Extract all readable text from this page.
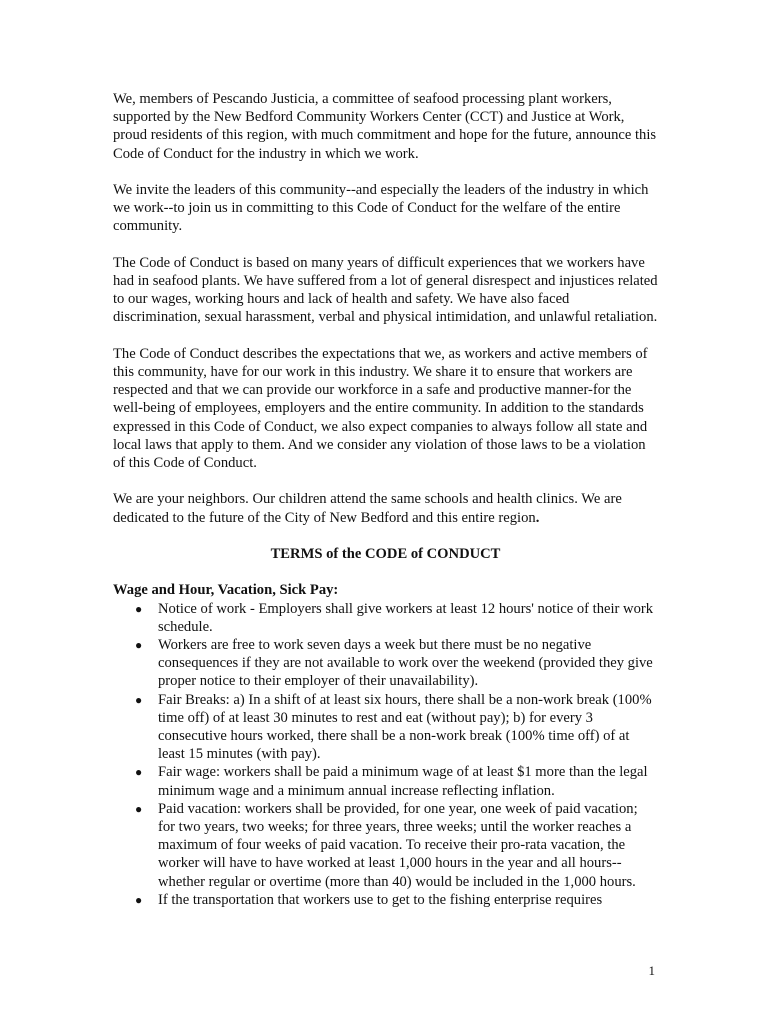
We, members of Pescando Justicia, a committee of seafood processing plant workers, supported by the New Bedford Community Workers Center (CCT) and Justice at Work, proud residents of this region, with much commitment and hope for the future, announce this Code of Conduct for the industry in which we work.

We invite the leaders of this community--and especially the leaders of the industry in which we work--to join us in committing to this Code of Conduct for the welfare of the entire community.

The Code of Conduct is based on many years of difficult experiences that we workers have had in seafood plants. We have suffered from a lot of general disrespect and injustices related to our wages, working hours and lack of health and safety. We have also faced discrimination, sexual harassment, verbal and physical intimidation, and unlawful retaliation.

The Code of Conduct describes the expectations that we, as workers and active members of this community, have for our work in this industry. We share it to ensure that workers are respected and that we can provide our workforce in a safe and productive manner-for the well-being of employees, employers and the entire community. In addition to the standards expressed in this Code of Conduct, we also expect companies to always follow all state and local laws that apply to them. And we consider any violation of those laws to be a violation of this Code of Conduct.

We are your neighbors. Our children attend the same schools and health clinics. We are dedicated to the future of the City of New Bedford and this entire region.

TERMS of the CODE of CONDUCT

Wage and Hour, Vacation, Sick Pay:

● Notice of work - Employers shall give workers at least 12 hours' notice of their work schedule.
● Workers are free to work seven days a week but there must be no negative consequences if they are not available to work over the weekend (provided they give proper notice to their employer of their unavailability).
● Fair Breaks: a) In a shift of at least six hours, there shall be a non-work break (100% time off) of at least 30 minutes to rest and eat (without pay); b) for every 3 consecutive hours worked, there shall be a non-work break (100% time off) of at least 15 minutes (with pay).
● Fair wage: workers shall be paid a minimum wage of at least $1 more than the legal minimum wage and a minimum annual increase reflecting inflation.
● Paid vacation: workers shall be provided, for one year, one week of paid vacation; for two years, two weeks; for three years, three weeks; until the worker reaches a maximum of four weeks of paid vacation. To receive their pro-rata vacation, the worker will have to have worked at least 1,000 hours in the year and all hours--whether regular or overtime (more than 40) would be included in the 1,000 hours.
● If the transportation that workers use to get to the fishing enterprise requires
1
